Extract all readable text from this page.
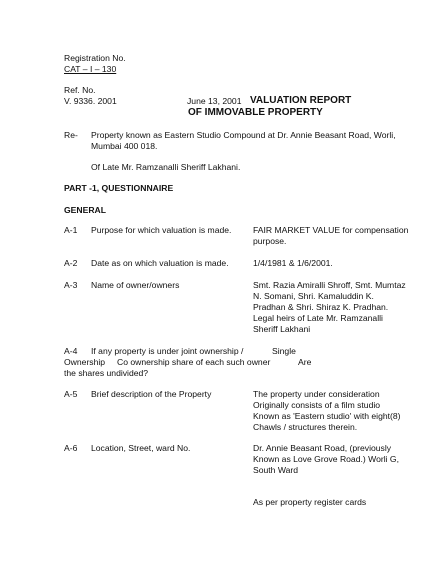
Registration No.
CAT – I – 130
Ref. No.
V. 9336. 2001	June 13, 2001 VALUATION REPORT
OF IMMOVABLE PROPERTY
Re- Property known as Eastern Studio Compound at Dr. Annie Beasant Road, Worli,
Mumbai 400 018.
Of Late Mr. Ramzanalli Sheriff Lakhani.
PART -1, QUESTIONNAIRE
GENERAL
A-1 Purpose for which valuation is made.	FAIR MARKET VALUE for compensation
purpose.
A-2 Date as on which valuation is made.	1/4/1981 & 1/6/2001.
A-3 Name of owner/owners	Smt. Razia Amiralli Shroff, Smt. Mumtaz
N. Somani, Shri. Kamaluddin K.
Pradhan & Shri. Shiraz K. Pradhan.
Legal heirs of Late Mr. Ramzanalli
Sheriff Lakhani
A-4 If any property is under joint ownership /	Single
Ownership Co ownership share of each such owner	Are
the shares undivided?
A-5 Brief description of the Property	The property under consideration
Originally consists of a film studio
Known as 'Eastern studio' with eight(8)
Chawls / structures therein.
A-6 Location, Street, ward No.	Dr. Annie Beasant Road, (previously
Known as Love Grove Road.) Worli G,
South Ward
As per property register cards
